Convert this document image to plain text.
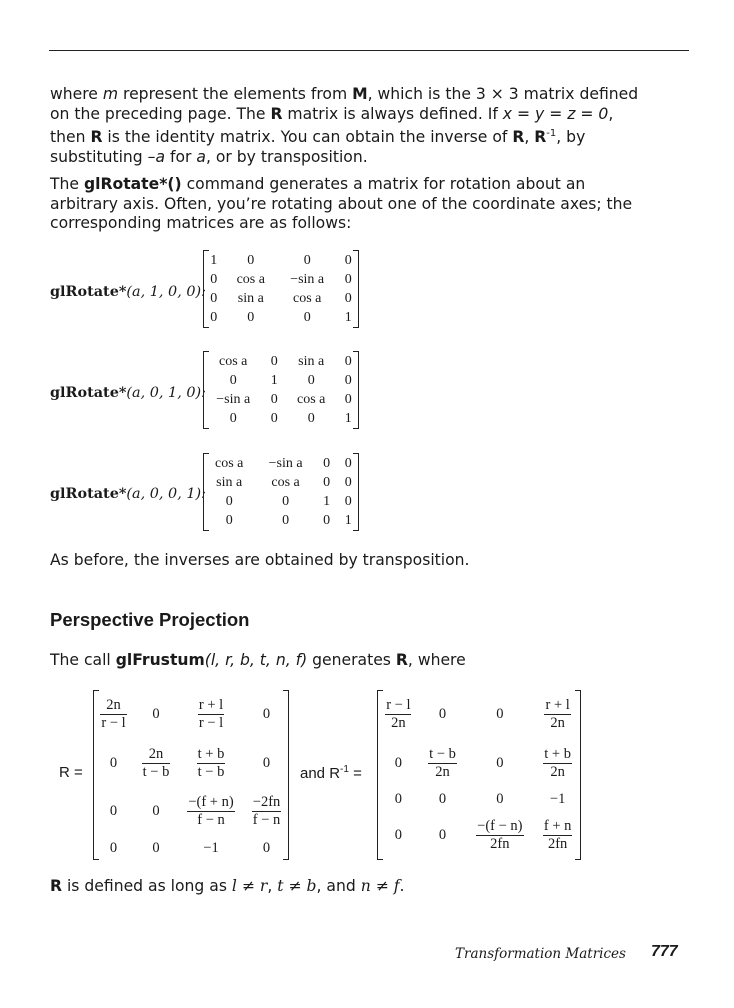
where m represent the elements from M, which is the 3 × 3 matrix defined
on the preceding page. The R matrix is always defined. If x = y = z = 0,
then R is the identity matrix. You can obtain the inverse of R, $R^{-1}$, by
substituting –a for a, or by transposition.

The glRotate*() command generates a matrix for rotation about an
arbitrary axis. Often, you’re rotating about one of the coordinate axes; the
corresponding matrices are as follows:

glRotate*(a, 1, 0, 0):
1	0	0	0
0	cos a	−sin a	0
0	sin a	cos a	0
0	0	0	1
glRotate*(a, 0, 1, 0):
cos a	0	sin a	0
0	1	0	0
−sin a	0	cos a	0
0	0	0	1
glRotate*(a, 0, 0, 1):
cos a	−sin a	0	0
sin a	cos a	0	0
0	0	1	0
0	0	0	1

As before, the inverses are obtained by transposition.

Perspective Projection

The call glFrustum(l, r, b, t, n, f) generates R, where

R =
$\frac{2n}{r - l}$	0	$\frac{r + l}{r - l}$	0
0	$\frac{2n}{t - b}$	$\frac{t + b}{t - b}$	0
0	0	$\frac{-(f + n)}{f - n}$	$\frac{-2fn}{f - n}$

0	0	−1	0
and $R^{-1}$ =
$\frac{r - l}{2n}$	0	0	$\frac{r + l}{2n}$

0	$\frac{t - b}{2n}$	0	$\frac{t + b}{2n}$

0	0	0	−1
0	0	$\frac{-(f - n)}{2fn}$	$\frac{f + n}{2fn}$

R is defined as long as l ≠ r, t ≠ b, and n ≠ f.

Transformation Matrices 777
